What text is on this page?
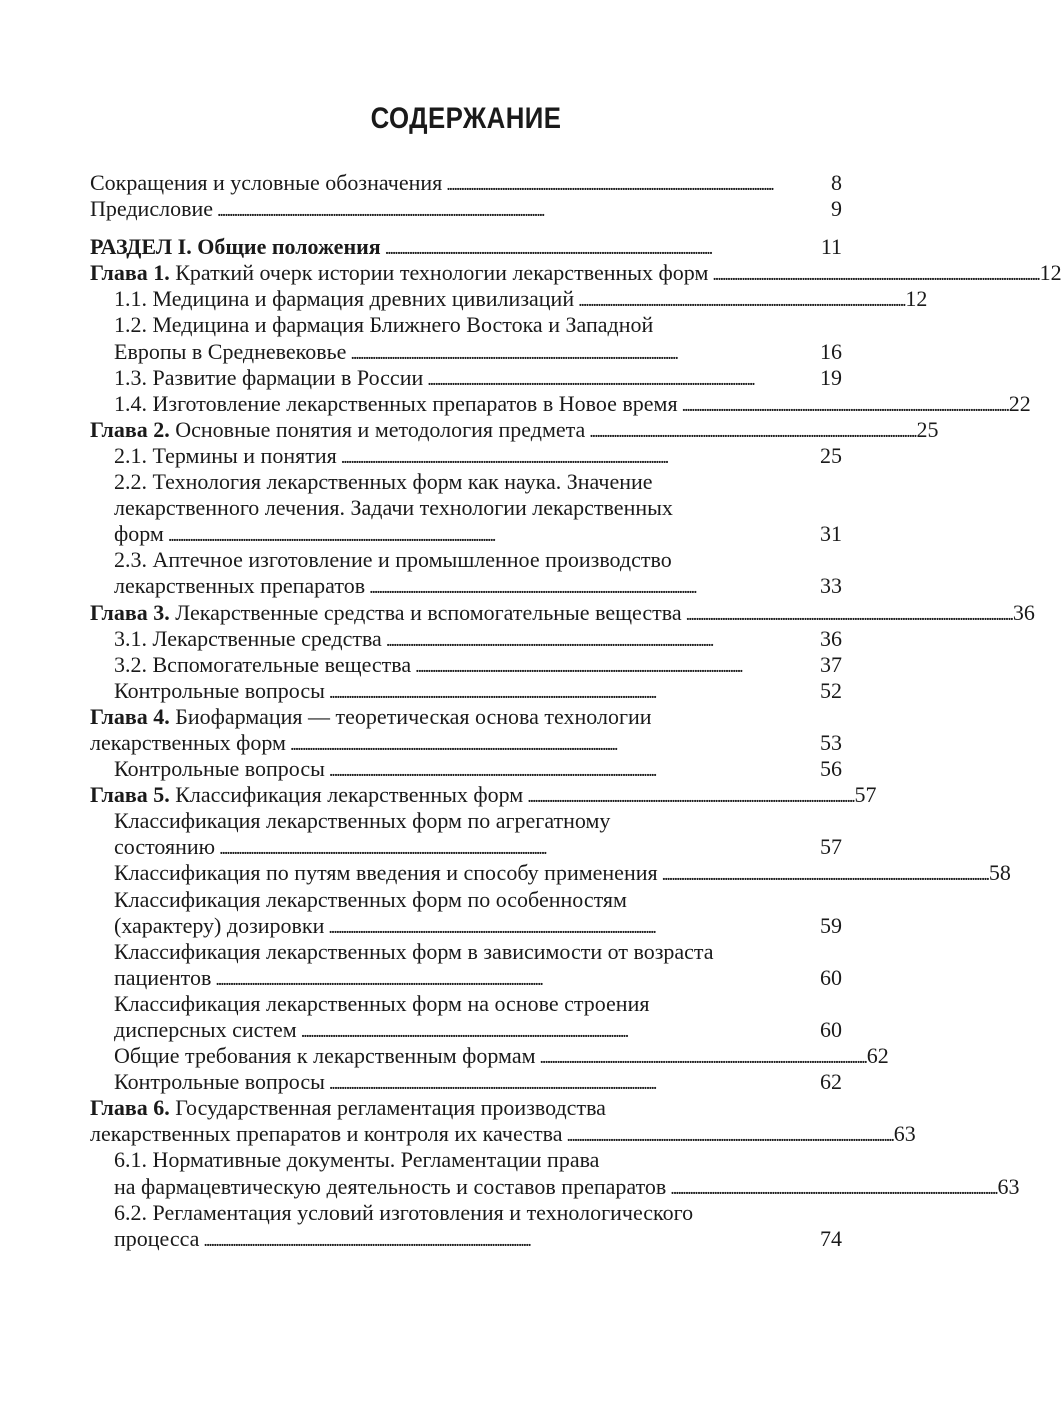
СОДЕРЖАНИЕ
Сокращения и условные обозначения . . .	8
Предисловие . . .	9
РАЗДЕЛ I. Общие положения . . .	11
Глава 1. Краткий очерк истории технологии лекарственных форм . . .	12
1.1. Медицина и фармация древних цивилизаций . . .	12
1.2. Медицина и фармация Ближнего Востока и Западной
Европы в Средневековье . . .	16
1.3. Развитие фармации в России . . .	19
1.4. Изготовление лекарственных препаратов в Новое время . . .	22
Глава 2. Основные понятия и методология предмета . . .	25
2.1. Термины и понятия . . .	25
2.2. Технология лекарственных форм как наука. Значение
лекарственного лечения. Задачи технологии лекарственных
форм . . .	31
2.3. Аптечное изготовление и промышленное производство
лекарственных препаратов . . .	33
Глава 3. Лекарственные средства и вспомогательные вещества . . .	36
3.1. Лекарственные средства . . .	36
3.2. Вспомогательные вещества . . .	37
Контрольные вопросы . . .	52
Глава 4. Биофармация — теоретическая основа технологии
лекарственных форм . . .	53
Контрольные вопросы . . .	56
Глава 5. Классификация лекарственных форм . . .	57
Классификация лекарственных форм по агрегатному
состоянию . . .	57
Классификация по путям введения и способу применения . . .	58
Классификация лекарственных форм по особенностям
(характеру) дозировки . . .	59
Классификация лекарственных форм в зависимости от возраста
пациентов . . .	60
Классификация лекарственных форм на основе строения
дисперсных систем . . .	60
Общие требования к лекарственным формам . . .	62
Контрольные вопросы . . .	62
Глава 6. Государственная регламентация производства
лекарственных препаратов и контроля их качества . . .	63
6.1. Нормативные документы. Регламентации права
на фармацевтическую деятельность и составов препаратов . . .	63
6.2. Регламентация условий изготовления и технологического
процесса . . .	74
